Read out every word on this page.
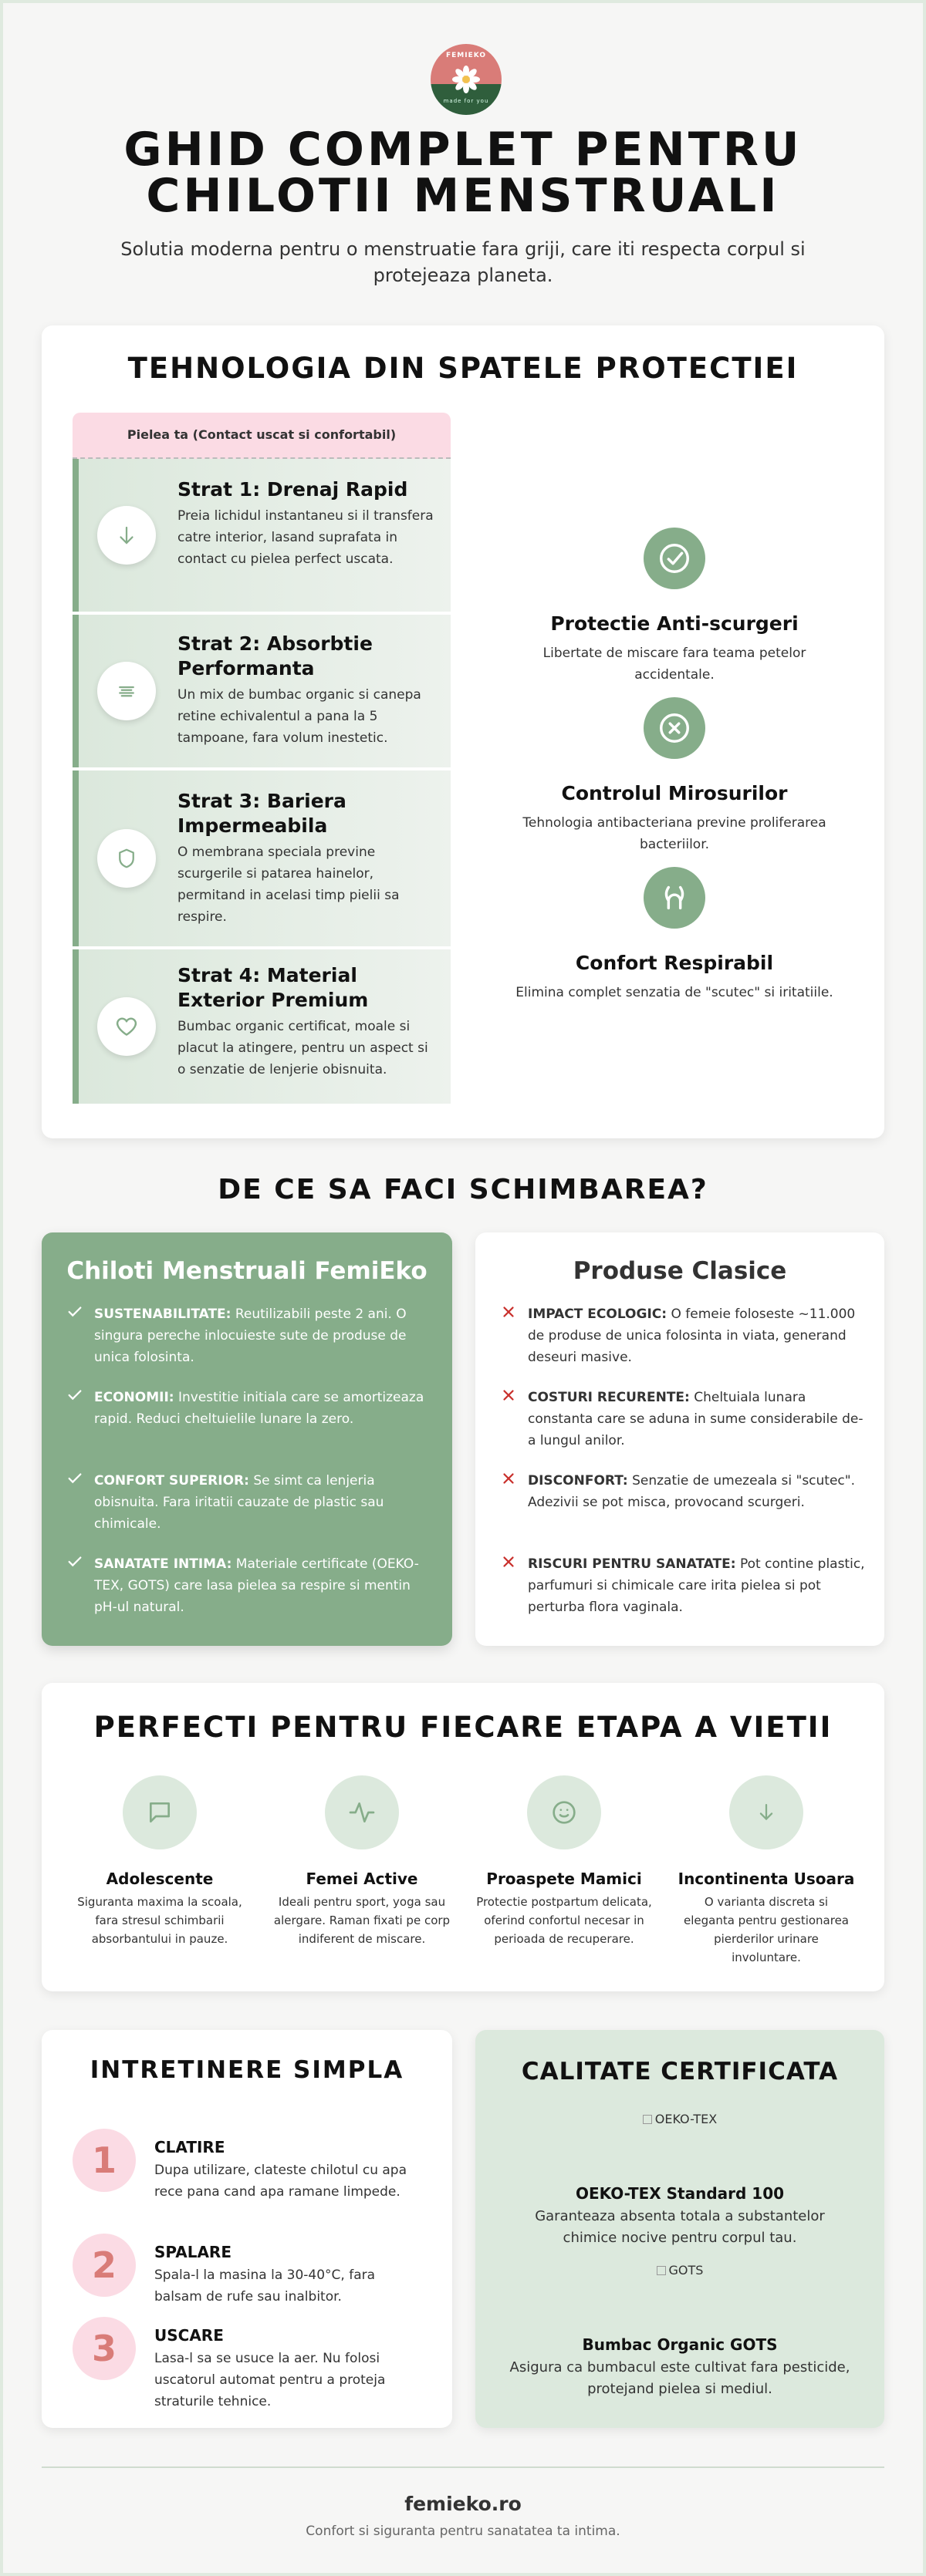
FEMIEKO
made for you
GHID COMPLET PENTRU
CHILOTII MENSTRUALI

Solutia moderna pentru o menstruatie fara griji, care iti respecta corpul si protejeaza planeta.

TEHNOLOGIA DIN SPATELE PROTECTIEI
Pielea ta (Contact uscat si confortabil)
Strat 1: Drenaj Rapid
Preia lichidul instantaneu si il transfera catre interior, lasand suprafata in contact cu pielea perfect uscata.
Strat 2: Absorbtie Performanta
Un mix de bumbac organic si canepa retine echivalentul a pana la 5 tampoane, fara volum inestetic.
Strat 3: Bariera Impermeabila
O membrana speciala previne scurgerile si patarea hainelor, permitand in acelasi timp pielii sa respire.
Strat 4: Material Exterior Premium
Bumbac organic certificat, moale si placut la atingere, pentru un aspect si o senzatie de lenjerie obisnuita.
Protectie Anti-scurgeri
Libertate de miscare fara teama petelor accidentale.
Controlul Mirosurilor
Tehnologia antibacteriana previne proliferarea bacteriilor.
Confort Respirabil
Elimina complet senzatia de "scutec" si iritatiile.
DE CE SA FACI SCHIMBAREA?
Chiloti Menstruali FemiEko
SUSTENABILITATE: Reutilizabili peste 2 ani. O singura pereche inlocuieste sute de produse de unica folosinta.
ECONOMII: Investitie initiala care se amortizeaza rapid. Reduci cheltuielile lunare la zero.
CONFORT SUPERIOR: Se simt ca lenjeria obisnuita. Fara iritatii cauzate de plastic sau chimicale.
SANATATE INTIMA: Materiale certificate (OEKO-TEX, GOTS) care lasa pielea sa respire si mentin pH-ul natural.
Produse Clasice
IMPACT ECOLOGIC: O femeie foloseste ~11.000 de produse de unica folosinta in viata, generand deseuri masive.
COSTURI RECURENTE: Cheltuiala lunara constanta care se aduna in sume considerabile de-a lungul anilor.
DISCONFORT: Senzatie de umezeala si "scutec". Adezivii se pot misca, provocand scurgeri.
RISCURI PENTRU SANATATE: Pot contine plastic, parfumuri si chimicale care irita pielea si pot perturba flora vaginala.
PERFECTI PENTRU FIECARE ETAPA A VIETII
Adolescente
Siguranta maxima la scoala, fara stresul schimbarii absorbantului in pauze.
Femei Active
Ideali pentru sport, yoga sau alergare. Raman fixati pe corp indiferent de miscare.
Proaspete Mamici
Protectie postpartum delicata, oferind confortul necesar in perioada de recuperare.
Incontinenta Usoara
O varianta discreta si eleganta pentru gestionarea pierderilor urinare involuntare.
INTRETINERE SIMPLA
1	CLATIRE
Dupa utilizare, clateste chilotul cu apa rece pana cand apa ramane limpede.
2	SPALARE
Spala-l la masina la 30-40°C, fara balsam de rufe sau inalbitor.
3	USCARE
Lasa-l sa se usuce la aer. Nu folosi uscatorul automat pentru a proteja straturile tehnice.
CALITATE CERTIFICATA
OEKO-TEX
OEKO-TEX Standard 100
Garanteaza absenta totala a substantelor chimice nocive pentru corpul tau.
GOTS
Bumbac Organic GOTS
Asigura ca bumbacul este cultivat fara pesticide, protejand pielea si mediul.
femieko.ro
Confort si siguranta pentru sanatatea ta intima.
